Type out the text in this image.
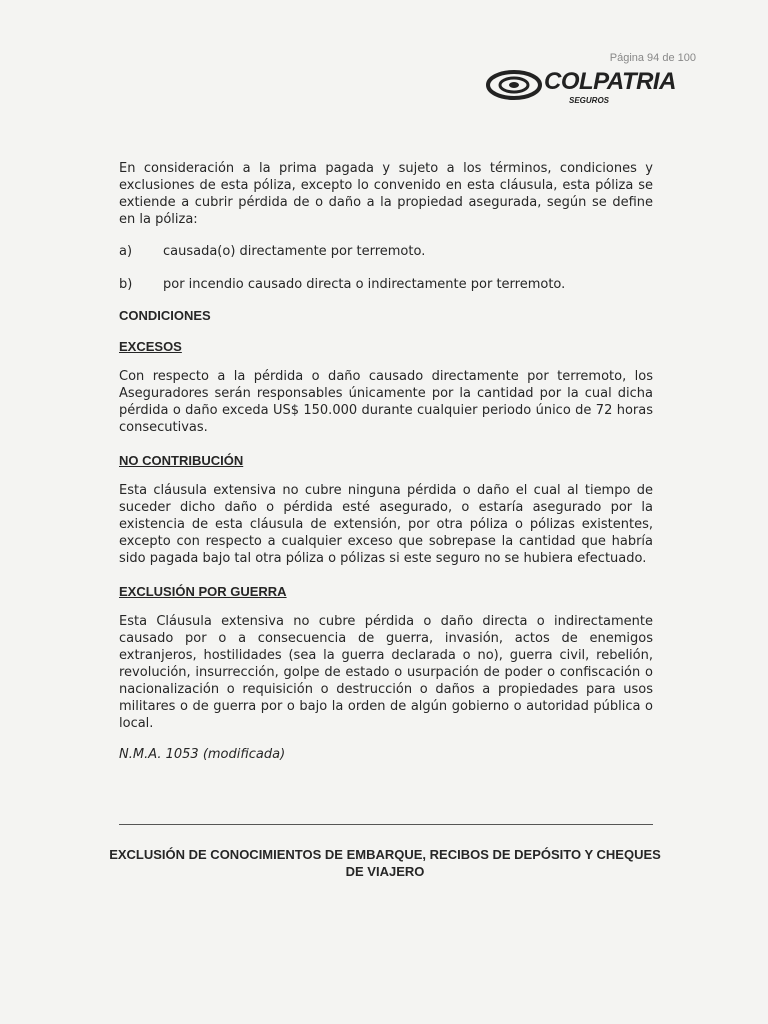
Página 94 de 100
COLPATRIA
SEGUROS

En consideración a la prima pagada y sujeto a los términos, condiciones y exclusiones de esta póliza, excepto lo convenido en esta cláusula, esta póliza se extiende a cubrir pérdida de o daño a la propiedad asegurada, según se define en la póliza:

a)	causada(o) directamente por terremoto.
b)	por incendio causado directa o indirectamente por terremoto.

CONDICIONES

EXCESOS

Con respecto a la pérdida o daño causado directamente por terremoto, los Aseguradores serán responsables únicamente por la cantidad por la cual dicha pérdida o daño exceda US$ 150.000 durante cualquier periodo único de 72 horas consecutivas.

NO CONTRIBUCIÓN

Esta cláusula extensiva no cubre ninguna pérdida o daño el cual al tiempo de suceder dicho daño o pérdida esté asegurado, o estaría asegurado por la existencia de esta cláusula de extensión, por otra póliza o pólizas existentes, excepto con respecto a cualquier exceso que sobrepase la cantidad que habría sido pagada bajo tal otra póliza o pólizas si este seguro no se hubiera efectuado.

EXCLUSIÓN POR GUERRA

Esta Cláusula extensiva no cubre pérdida o daño directa o indirectamente causado por o a consecuencia de guerra, invasión, actos de enemigos extranjeros, hostilidades (sea la guerra declarada o no), guerra civil, rebelión, revolución, insurrección, golpe de estado o usurpación de poder o confiscación o nacionalización o requisición o destrucción o daños a propiedades para usos militares o de guerra por o bajo la orden de algún gobierno o autoridad pública o local.

N.M.A. 1053 (modificada)

EXCLUSIÓN DE CONOCIMIENTOS DE EMBARQUE, RECIBOS DE DEPÓSITO Y CHEQUES
DE VIAJERO
